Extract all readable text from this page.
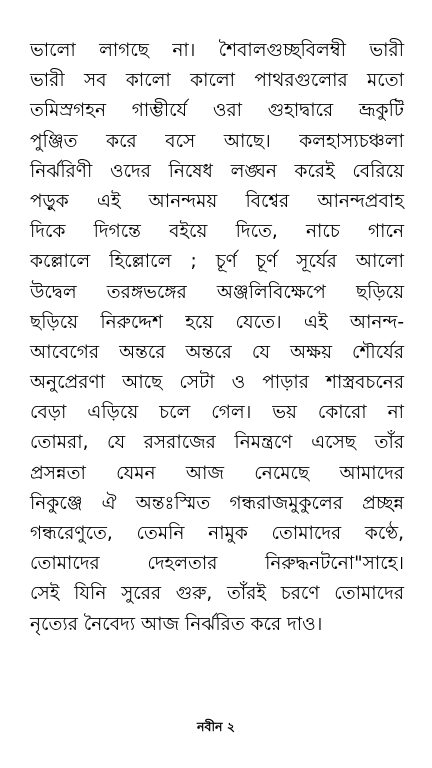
ভালো লাগছে না। শৈবালগুচ্ছবিলম্বী ভারী
ভারী সব কালো কালো পাথরগুলোর মতো
তমিস্রগহন গাম্ভীর্যে ওরা গুহাদ্বারে ভ্রূকুটি
পুঞ্জিত করে বসে আছে। কলহাস্যচঞ্চলা
নির্ঝরিণী ওদের নিষেধ লঙ্ঘন করেই বেরিয়ে
পড়ুক এই আনন্দময় বিশ্বের আনন্দপ্রবাহ
দিকে দিগন্তে বইয়ে দিতে, নাচে গানে
কল্লোলে হিল্লোলে ; চূর্ণ চূর্ণ সূর্যের আলো
উদ্বেল তরঙ্গভঙ্গের অঞ্জলিবিক্ষেপে ছড়িয়ে
ছড়িয়ে নিরুদ্দেশ হয়ে যেতে। এই আনন্দ-
আবেগের অন্তরে অন্তরে যে অক্ষয় শৌর্যের
অনুপ্রেরণা আছে সেটা ও পাড়ার শাস্ত্রবচনের
বেড়া এড়িয়ে চলে গেল। ভয় কোরো না
তোমরা, যে রসরাজের নিমন্ত্রণে এসেছ তাঁর
প্রসন্নতা যেমন আজ নেমেছে আমাদের
নিকুঞ্জে ঐ অন্তঃস্মিত গন্ধরাজমুকুলের প্রচ্ছন্ন
গন্ধরেণুতে, তেমনি নামুক তোমাদের কণ্ঠে,
তোমাদের দেহলতার নিরুদ্ধনটনো"সাহে।
সেই যিনি সুরের গুরু, তাঁরই চরণে তোমাদের
নৃত্যের নৈবেদ্য আজ নির্ঝরিত করে দাও।
নবীন ২
